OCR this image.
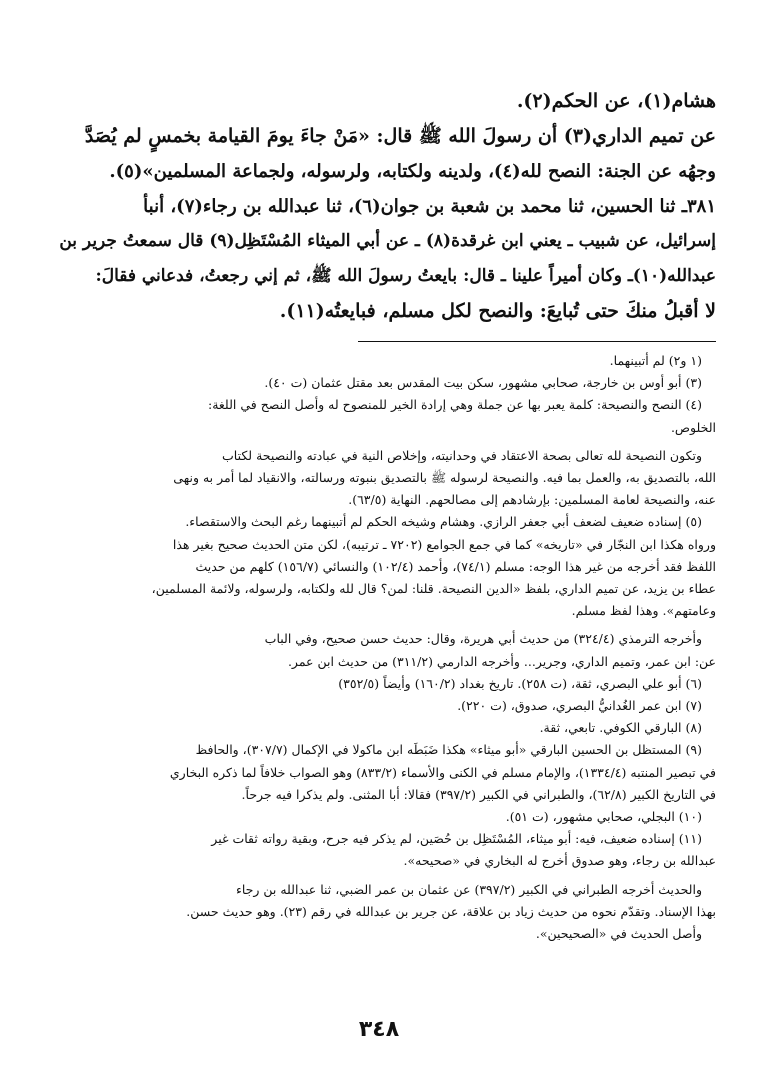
هشام(١)، عن الحكم(٢).

عن تميم الداري(٣) أن رسولَ الله ﷺ قال: «مَنْ جاءَ يومَ القيامة بخمسٍ لم يُصَدَّ

وجهُه عن الجنة: النصح لله(٤)، ولدينه ولكتابه، ولرسوله، ولجماعة المسلمين»(٥).

٣٨١ـ ثنا الحسين، ثنا محمد بن شعبة بن جوان(٦)، ثنا عبدالله بن رجاء(٧)، أنبأ

إسرائيل، عن شبيب ـ يعني ابن غرقدة(٨) ـ عن أبي الميثاء المُسْتَظِل(٩) قال سمعتُ جرير بن

عبدالله(١٠)ـ وكان أميراً علينا ـ قال: بايعتُ رسولَ الله ﷺ، ثم إني رجعتُ، فدعاني فقالَ:

لا أقبلُ منكَ حتى تُبايعَ: والنصح لكل مسلم، فبايعتُه(١١).

(١ و٢) لم أتبينهما.

(٣) أبو أوس بن خارجة، صحابي مشهور، سكن بيت المقدس بعد مقتل عثمان (ت ٤٠).

(٤) النصح والنصيحة: كلمة يعبر بها عن جملة وهي إرادة الخير للمنصوح له وأصل النصح في اللغة:

الخلوص.

وتكون النصيحة لله تعالى بصحة الاعتقاد في وحدانيته، وإخلاص النية في عبادته والنصيحة لكتاب

الله، بالتصديق به، والعمل بما فيه. والنصيحة لرسوله ﷺ بالتصديق بنبوته ورسالته، والانقياد لما أمر به ونهى

عنه، والنصيحة لعامة المسلمين: بإرشادهم إلى مصالحهم. النهاية (٦٣/٥).

(٥) إسناده ضعيف لضعف أبي جعفر الرازي. وهشام وشيخه الحكم لم أتبينهما رغم البحث والاستقصاء.

ورواه هكذا ابن النجّار في «تاريخه» كما في جمع الجوامع (٧٢٠٢ ـ ترتيبه)، لكن متن الحديث صحيح بغير هذا

اللفظ فقد أخرجه من غير هذا الوجه: مسلم (٧٤/١)، وأحمد (١٠٢/٤) والنسائي (١٥٦/٧) كلهم من حديث

عطاء بن يزيد، عن تميم الداري، بلفظ «الدين النصيحة. قلنا: لمن؟ قال لله ولكتابه، ولرسوله، ولائمة المسلمين،

وعامتهم». وهذا لفظ مسلم.

وأخرجه الترمذي (٣٢٤/٤) من حديث أبي هريرة، وقال: حديث حسن صحيح، وفي الباب

عن: ابن عمر، وتميم الداري، وجرير... وأخرجه الدارمي (٣١١/٢) من حديث ابن عمر.

(٦) أبو علي البصري، ثقة، (ت ٢٥٨). تاريخ بغداد (١٦٠/٢) وأيضاً (٣٥٢/٥)

(٧) ابن عمر الغُدانيُّ البصري، صدوق، (ت ٢٢٠).

(٨) البارقي الكوفي. تابعي، ثقة.

(٩) المستظل بن الحسين البارقي «أبو ميثاء» هكذا ضَبَطَه ابن ماكولا في الإكمال (٣٠٧/٧)، والحافظ

في تبصير المنتبه (١٣٣٤/٤)، والإمام مسلم في الكنى والأسماء (٨٣٣/٢) وهو الصواب خلافاً لما ذكره البخاري

في التاريخ الكبير (٦٢/٨)، والطبراني في الكبير (٣٩٧/٢) فقالا: أبا المثنى. ولم يذكرا فيه جرحاً.

(١٠) البجلي، صحابي مشهور، (ت ٥١).

(١١) إسناده ضعيف، فيه: أبو ميثاء، المُسْتَظِل بن حُصَين، لم يذكر فيه جرح، وبقية رواته ثقات غير

عبدالله بن رجاء، وهو صدوق أخرج له البخاري في «صحيحه».

والحديث أخرجه الطبراني في الكبير (٣٩٧/٢) عن عثمان بن عمر الضبي، ثنا عبدالله بن رجاء

بهذا الإسناد. وتقدّم نحوه من حديث زياد بن علاقة، عن جرير بن عبدالله في رقم (٢٣). وهو حديث حسن.

وأصل الحديث في «الصحيحين».

٣٤٨
